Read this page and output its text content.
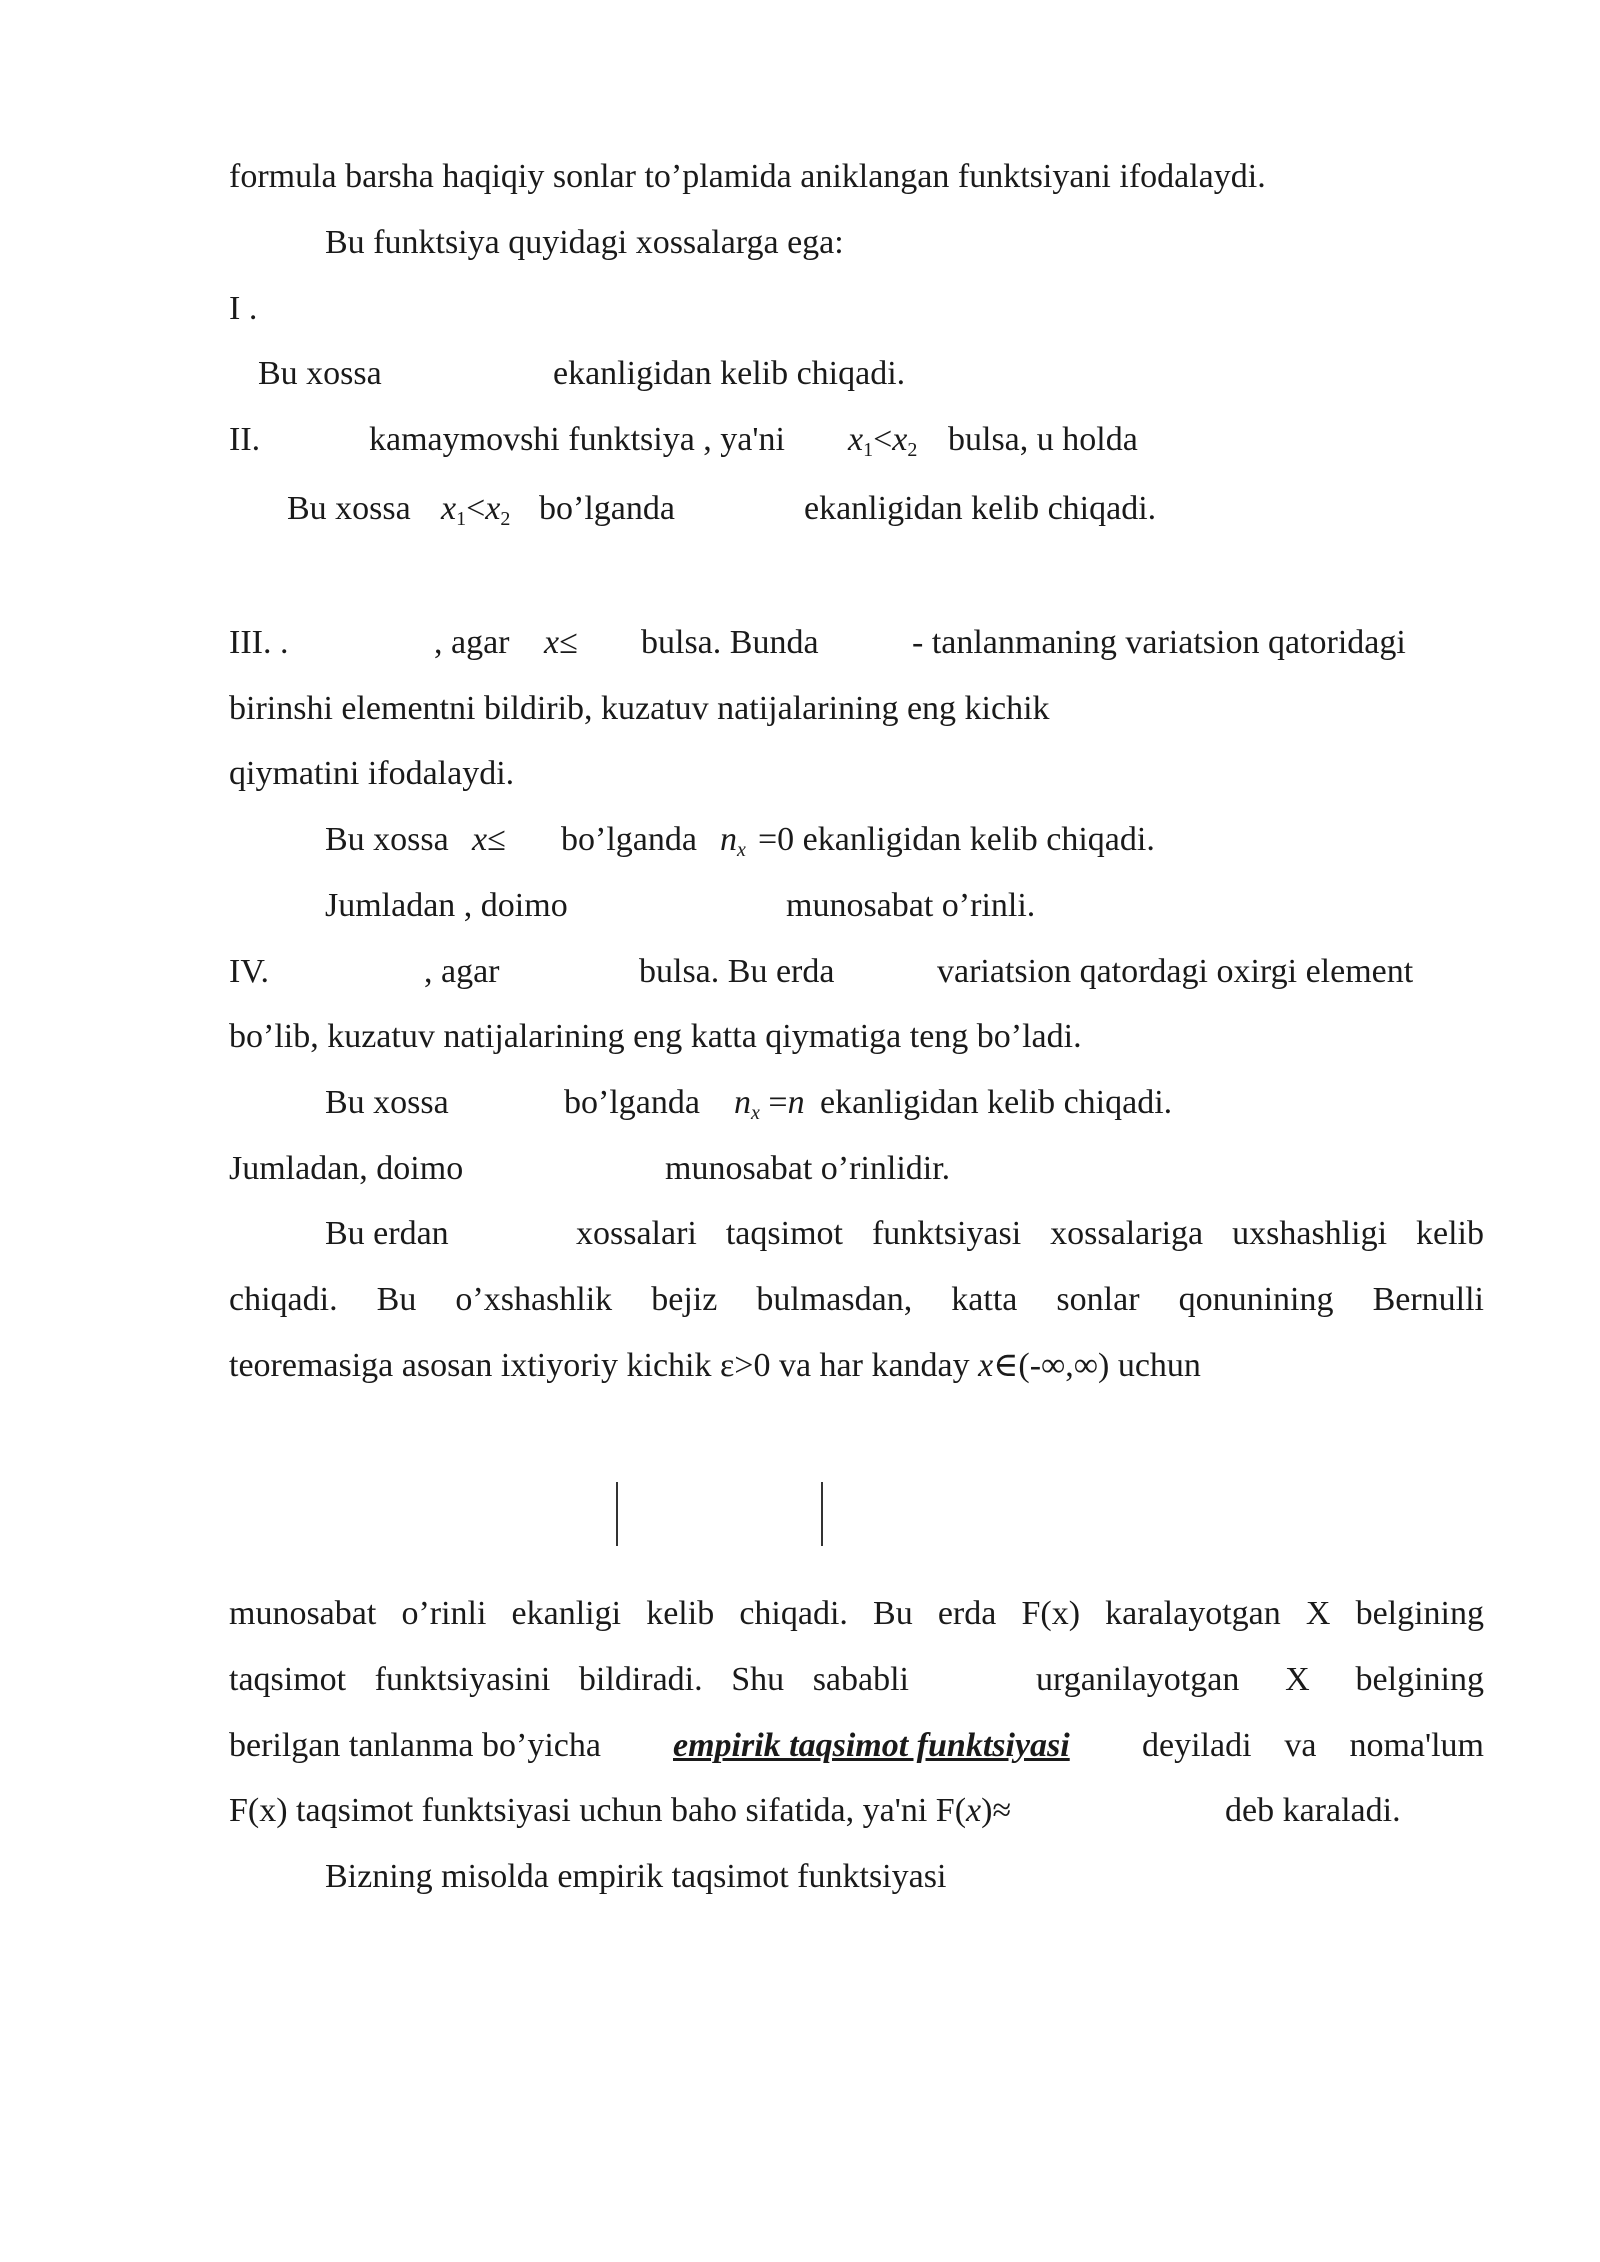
formula barsha haqiqiy sonlar to’plamida aniklangan funktsiyani ifodalaydi.
Bu funktsiya quyidagi xossalarga ega:
I .
Bu xossa	ekanligidan kelib chiqadi.
II.	kamaymovshi funktsiya , ya'ni $x_1<x_2$ bulsa, u holda
Bu xossa $x_1<x_2$ bo’lganda	ekanligidan kelib chiqadi.
III. .	, agar x≤ bulsa. Bunda	- tanlanmaning variatsion qatoridagi
birinshi elementni bildirib, kuzatuv natijalarining eng kichik
qiymatini ifodalaydi.
Bu xossa x≤ bo’lganda nx =0 ekanligidan kelib chiqadi.
Jumladan , doimo	munosabat o’rinli.
IV.	, agar	bulsa. Bu erda	variatsion qatordagi oxirgi element
bo’lib, kuzatuv natijalarining eng katta qiymatiga teng bo’ladi.
Bu xossa	bo’lganda nx =n ekanligidan kelib chiqadi.
Jumladan, doimo	munosabat o’rinlidir.
Bu erdan	xossalari taqsimot funktsiyasi xossalariga uxshashligi kelib
chiqadi. Bu o’xshashlik bejiz bulmasdan, katta sonlar qonunining Bernulli
teoremasiga asosan ixtiyoriy kichik ε>0 va har kanday x∈(-∞,∞) uchun
munosabat o’rinli ekanligi kelib chiqadi. Bu erda F(x) karalayotgan X belgining
taqsimot funktsiyasini bildiradi. Shu sababli	urganilayotgan X belgining
berilgan tanlanma bo’yicha empirik taqsimot funktsiyasi deyiladi va noma'lum
F(x) taqsimot funktsiyasi uchun baho sifatida, ya'ni F(x)≈	deb karaladi.
Bizning misolda empirik taqsimot funktsiyasi
